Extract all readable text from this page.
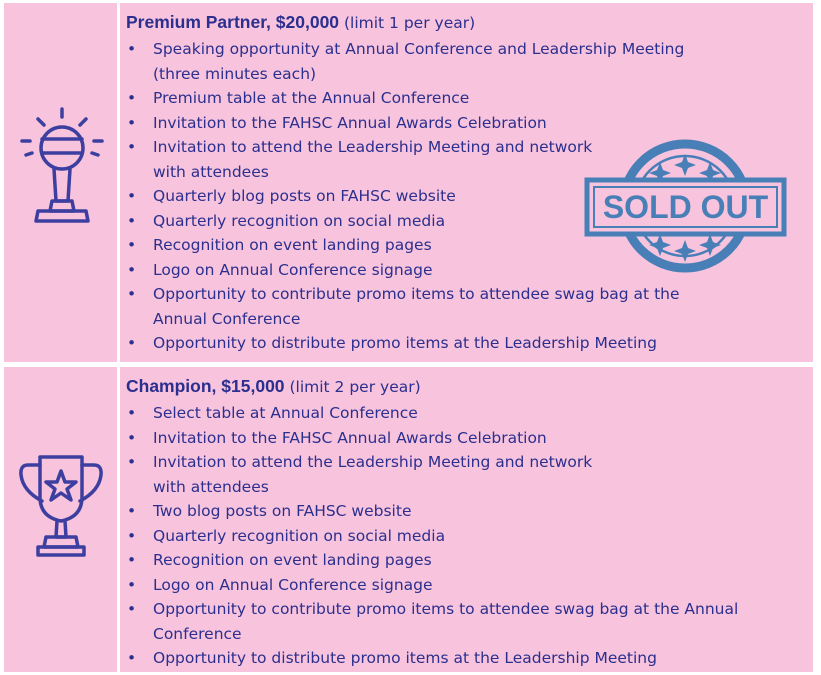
Premium Partner, $20,000 (limit 1 per year)
• Speaking opportunity at Annual Conference and Leadership Meeting
(three minutes each)
• Premium table at the Annual Conference
• Invitation to the FAHSC Annual Awards Celebration
• Invitation to attend the Leadership Meeting and network
with attendees
• Quarterly blog posts on FAHSC website
• Quarterly recognition on social media
• Recognition on event landing pages
• Logo on Annual Conference signage
• Opportunity to contribute promo items to attendee swag bag at the
Annual Conference
• Opportunity to distribute promo items at the Leadership Meeting
SOLD OUT
Champion, $15,000 (limit 2 per year)
• Select table at Annual Conference
• Invitation to the FAHSC Annual Awards Celebration
• Invitation to attend the Leadership Meeting and network
with attendees
• Two blog posts on FAHSC website
• Quarterly recognition on social media
• Recognition on event landing pages
• Logo on Annual Conference signage
• Opportunity to contribute promo items to attendee swag bag at the Annual
Conference
• Opportunity to distribute promo items at the Leadership Meeting
